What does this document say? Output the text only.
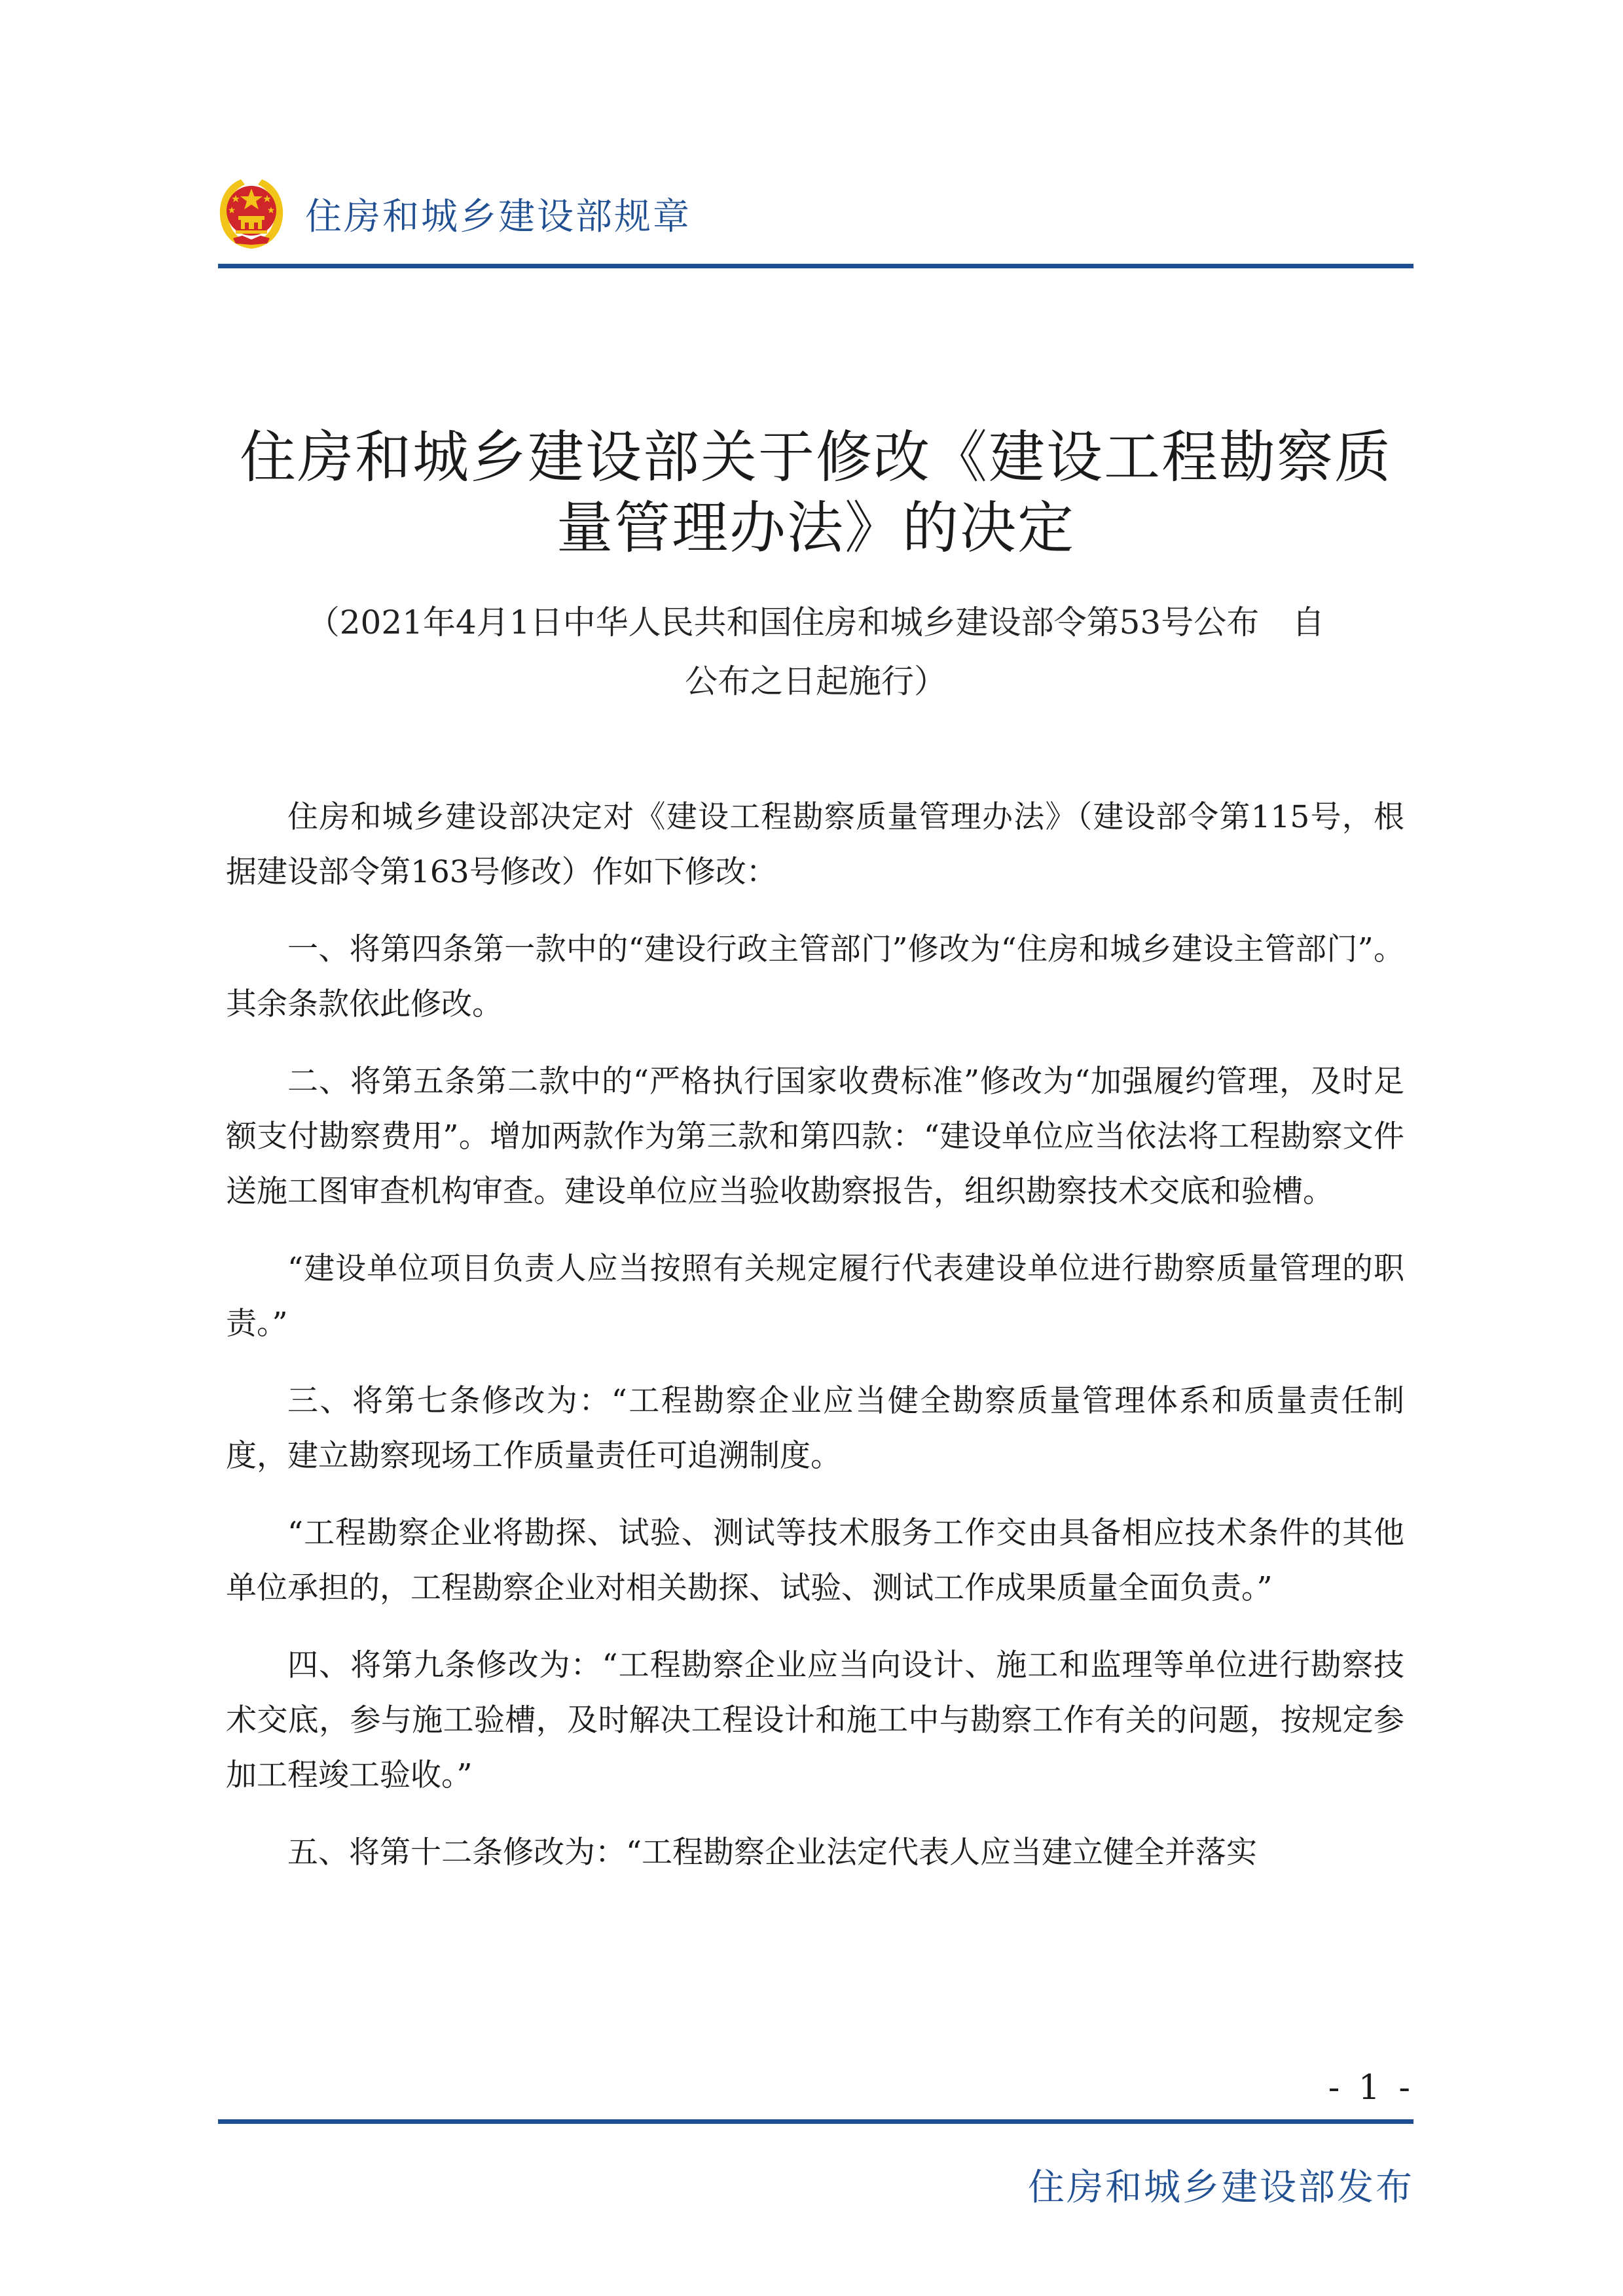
住房和城乡建设部规章
住房和城乡建设部关于修改《建设工程勘察质
量管理办法》的决定

（2021年4月1日中华人民共和国住房和城乡建设部令第53号公布　自
公布之日起施行）

住房和城乡建设部决定对《建设工程勘察质量管理办法》（建设部令第115号，根据建设部令第163号修改）作如下修改：

一、将第四条第一款中的“建设行政主管部门”修改为“住房和城乡建设主管部门”。其余条款依此修改。

二、将第五条第二款中的“严格执行国家收费标准”修改为“加强履约管理，及时足额支付勘察费用”。增加两款作为第三款和第四款：“建设单位应当依法将工程勘察文件送施工图审查机构审查。建设单位应当验收勘察报告，组织勘察技术交底和验槽。

“建设单位项目负责人应当按照有关规定履行代表建设单位进行勘察质量管理的职责。”

三、将第七条修改为：“工程勘察企业应当健全勘察质量管理体系和质量责任制度，建立勘察现场工作质量责任可追溯制度。

“工程勘察企业将勘探、试验、测试等技术服务工作交由具备相应技术条件的其他单位承担的，工程勘察企业对相关勘探、试验、测试工作成果质量全面负责。”

四、将第九条修改为：“工程勘察企业应当向设计、施工和监理等单位进行勘察技术交底，参与施工验槽，及时解决工程设计和施工中与勘察工作有关的问题，按规定参加工程竣工验收。”

五、将第十二条修改为：“工程勘察企业法定代表人应当建立健全并落实

- 1 -
住房和城乡建设部发布
